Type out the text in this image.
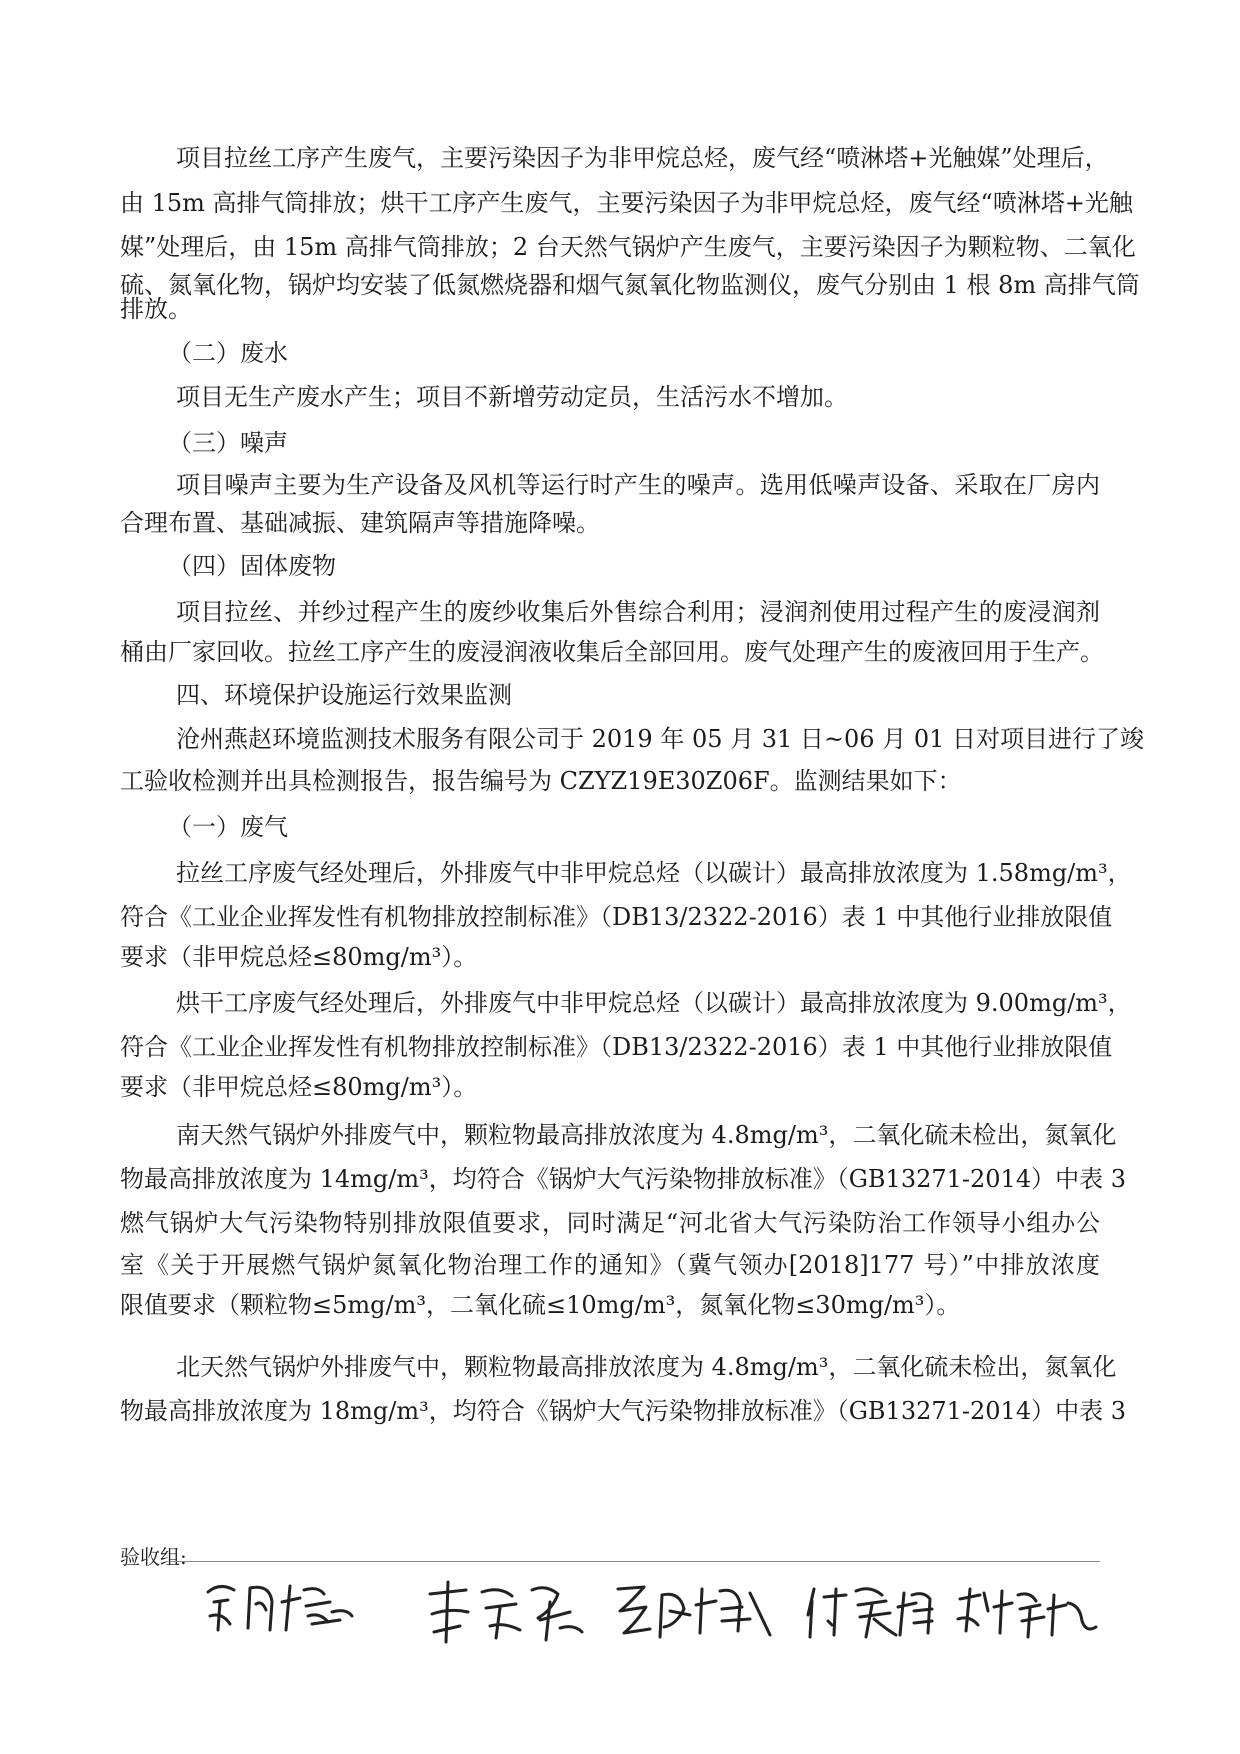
项目拉丝工序产生废气，主要污染因子为非甲烷总烃，废气经“喷淋塔+光触媒”处理后，
由 15m 高排气筒排放；烘干工序产生废气，主要污染因子为非甲烷总烃，废气经“喷淋塔+光触
媒”处理后，由 15m 高排气筒排放；2 台天然气锅炉产生废气，主要污染因子为颗粒物、二氧化
硫、氮氧化物，锅炉均安装了低氮燃烧器和烟气氮氧化物监测仪，废气分别由 1 根 8m 高排气筒
排放。
（二）废水
项目无生产废水产生；项目不新增劳动定员，生活污水不增加。
（三）噪声
项目噪声主要为生产设备及风机等运行时产生的噪声。选用低噪声设备、采取在厂房内
合理布置、基础减振、建筑隔声等措施降噪。
（四）固体废物
项目拉丝、并纱过程产生的废纱收集后外售综合利用；浸润剂使用过程产生的废浸润剂
桶由厂家回收。拉丝工序产生的废浸润液收集后全部回用。废气处理产生的废液回用于生产。
四、环境保护设施运行效果监测
沧州燕赵环境监测技术服务有限公司于 2019 年 05 月 31 日~06 月 01 日对项目进行了竣
工验收检测并出具检测报告，报告编号为 CZYZ19E30Z06F。监测结果如下：
（一）废气
拉丝工序废气经处理后，外排废气中非甲烷总烃（以碳计）最高排放浓度为 1.58mg/m³，
符合《工业企业挥发性有机物排放控制标准》（DB13/2322-2016）表 1 中其他行业排放限值
要求（非甲烷总烃≤80mg/m³）。
烘干工序废气经处理后，外排废气中非甲烷总烃（以碳计）最高排放浓度为 9.00mg/m³，
符合《工业企业挥发性有机物排放控制标准》（DB13/2322-2016）表 1 中其他行业排放限值
要求（非甲烷总烃≤80mg/m³）。
南天然气锅炉外排废气中，颗粒物最高排放浓度为 4.8mg/m³，二氧化硫未检出，氮氧化
物最高排放浓度为 14mg/m³，均符合《锅炉大气污染物排放标准》（GB13271-2014）中表 3
燃气锅炉大气污染物特别排放限值要求，同时满足“河北省大气污染防治工作领导小组办公
室《关于开展燃气锅炉氮氧化物治理工作的通知》（冀气领办[2018]177 号）”中排放浓度
限值要求（颗粒物≤5mg/m³，二氧化硫≤10mg/m³，氮氧化物≤30mg/m³）。
北天然气锅炉外排废气中，颗粒物最高排放浓度为 4.8mg/m³，二氧化硫未检出，氮氧化
物最高排放浓度为 18mg/m³，均符合《锅炉大气污染物排放标准》（GB13271-2014）中表 3
验收组:
